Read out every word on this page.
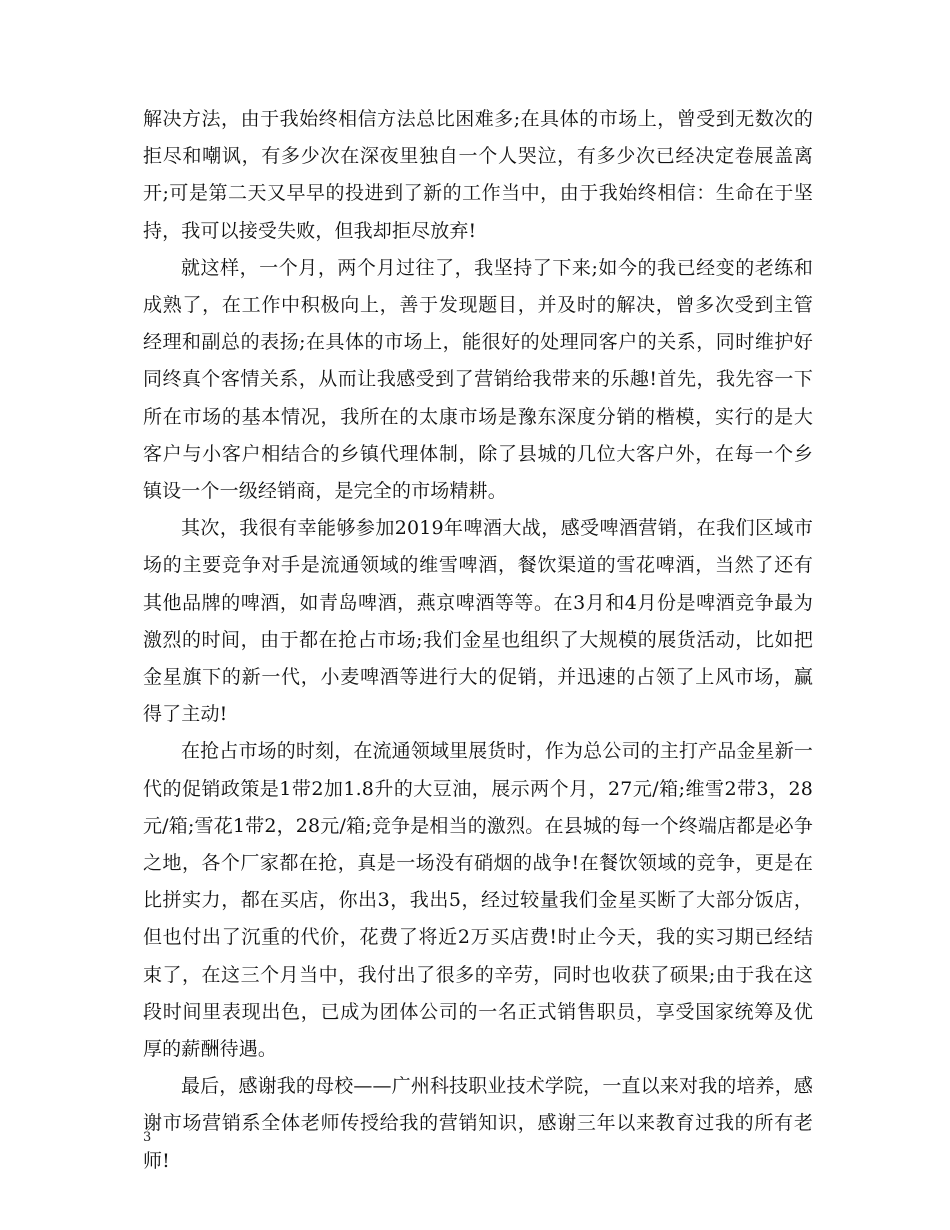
解决方法，由于我始终相信方法总比困难多;在具体的市场上，曾受到无数次的拒尽和嘲讽，有多少次在深夜里独自一个人哭泣，有多少次已经决定卷展盖离开;可是第二天又早早的投进到了新的工作当中，由于我始终相信：生命在于坚持，我可以接受失败，但我却拒尽放弃!

就这样，一个月，两个月过往了，我坚持了下来;如今的我已经变的老练和成熟了，在工作中积极向上，善于发现题目，并及时的解决，曾多次受到主管经理和副总的表扬;在具体的市场上，能很好的处理同客户的关系，同时维护好同终真个客情关系，从而让我感受到了营销给我带来的乐趣!首先，我先容一下所在市场的基本情况，我所在的太康市场是豫东深度分销的楷模，实行的是大客户与小客户相结合的乡镇代理体制，除了县城的几位大客户外，在每一个乡镇设一个一级经销商，是完全的市场精耕。

其次，我很有幸能够参加2019年啤酒大战，感受啤酒营销，在我们区域市场的主要竞争对手是流通领域的维雪啤酒，餐饮渠道的雪花啤酒，当然了还有其他品牌的啤酒，如青岛啤酒，燕京啤酒等等。在3月和4月份是啤酒竞争最为激烈的时间，由于都在抢占市场;我们金星也组织了大规模的展货活动，比如把金星旗下的新一代，小麦啤酒等进行大的促销，并迅速的占领了上风市场，赢得了主动!

在抢占市场的时刻，在流通领域里展货时，作为总公司的主打产品金星新一代的促销政策是1带2加1.8升的大豆油，展示两个月，27元/箱;维雪2带3，28元/箱;雪花1带2，28元/箱;竞争是相当的激烈。在县城的每一个终端店都是必争之地，各个厂家都在抢，真是一场没有硝烟的战争!在餐饮领域的竞争，更是在比拼实力，都在买店，你出3，我出5，经过较量我们金星买断了大部分饭店，但也付出了沉重的代价，花费了将近2万买店费!时止今天，我的实习期已经结束了，在这三个月当中，我付出了很多的辛劳，同时也收获了硕果;由于我在这段时间里表现出色，已成为团体公司的一名正式销售职员，享受国家统筹及优厚的薪酬待遇。

最后，感谢我的母校——广州科技职业技术学院，一直以来对我的培养，感谢市场营销系全体老师传授给我的营销知识，感谢三年以来教育过我的所有老师!

3
